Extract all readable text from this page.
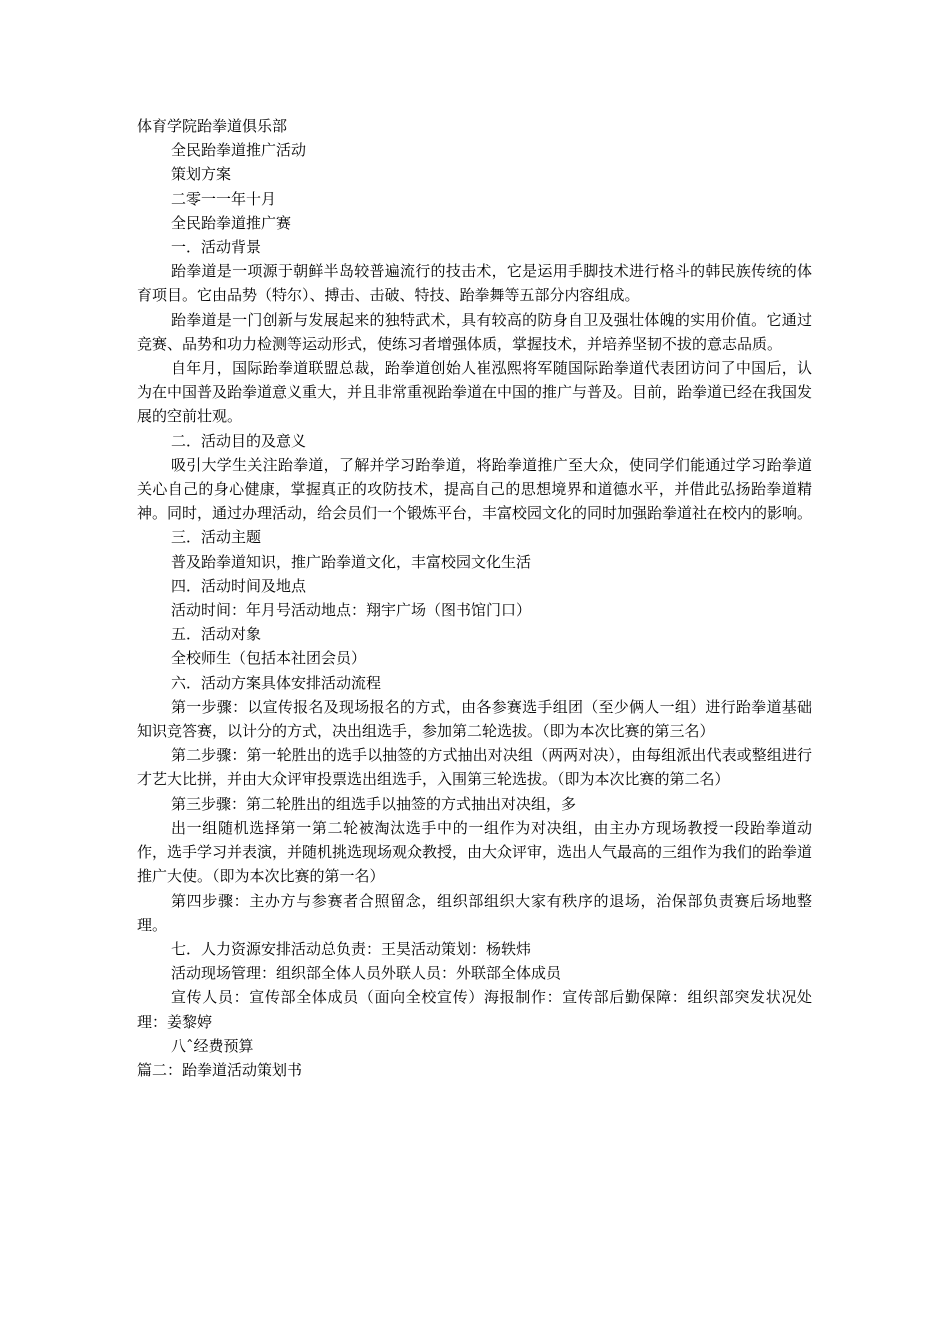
体育学院跆拳道俱乐部

全民跆拳道推广活动

策划方案

二零一一年十月

全民跆拳道推广赛

一．活动背景

跆拳道是一项源于朝鲜半岛较普遍流行的技击术，它是运用手脚技术进行格斗的韩民族传统的体育项目。它由品势（特尔）、搏击、击破、特技、跆拳舞等五部分内容组成。

跆拳道是一门创新与发展起来的独特武术，具有较高的防身自卫及强壮体魄的实用价值。它通过竞赛、品势和功力检测等运动形式，使练习者增强体质，掌握技术，并培养坚韧不拔的意志品质。

自年月，国际跆拳道联盟总裁，跆拳道创始人崔泓熙将军随国际跆拳道代表团访问了中国后，认为在中国普及跆拳道意义重大，并且非常重视跆拳道在中国的推广与普及。目前，跆拳道已经在我国发展的空前壮观。

二．活动目的及意义

吸引大学生关注跆拳道，了解并学习跆拳道，将跆拳道推广至大众，使同学们能通过学习跆拳道关心自己的身心健康，掌握真正的攻防技术，提高自己的思想境界和道德水平，并借此弘扬跆拳道精神。同时，通过办理活动，给会员们一个锻炼平台，丰富校园文化的同时加强跆拳道社在校内的影响。

三．活动主题

普及跆拳道知识，推广跆拳道文化，丰富校园文化生活

四．活动时间及地点

活动时间：年月号活动地点：翔宇广场（图书馆门口）

五．活动对象

全校师生（包括本社团会员）

六．活动方案具体安排活动流程

第一步骤：以宣传报名及现场报名的方式，由各参赛选手组团（至少俩人一组）进行跆拳道基础知识竞答赛，以计分的方式，决出组选手，参加第二轮选拔。（即为本次比赛的第三名）

第二步骤：第一轮胜出的选手以抽签的方式抽出对决组（两两对决），由每组派出代表或整组进行才艺大比拼，并由大众评审投票选出组选手，入围第三轮选拔。（即为本次比赛的第二名）

第三步骤：第二轮胜出的组选手以抽签的方式抽出对决组，多

出一组随机选择第一第二轮被淘汰选手中的一组作为对决组，由主办方现场教授一段跆拳道动作，选手学习并表演，并随机挑选现场观众教授，由大众评审，选出人气最高的三组作为我们的跆拳道推广大使。（即为本次比赛的第一名）

第四步骤：主办方与参赛者合照留念，组织部组织大家有秩序的退场，治保部负责赛后场地整理。

七．人力资源安排活动总负责：王昊活动策划：杨轶炜

活动现场管理：组织部全体人员外联人员：外联部全体成员

宣传人员：宣传部全体成员（面向全校宣传）海报制作：宣传部后勤保障：组织部突发状况处理：姜黎婷

八ˆ经费预算

篇二：跆拳道活动策划书
